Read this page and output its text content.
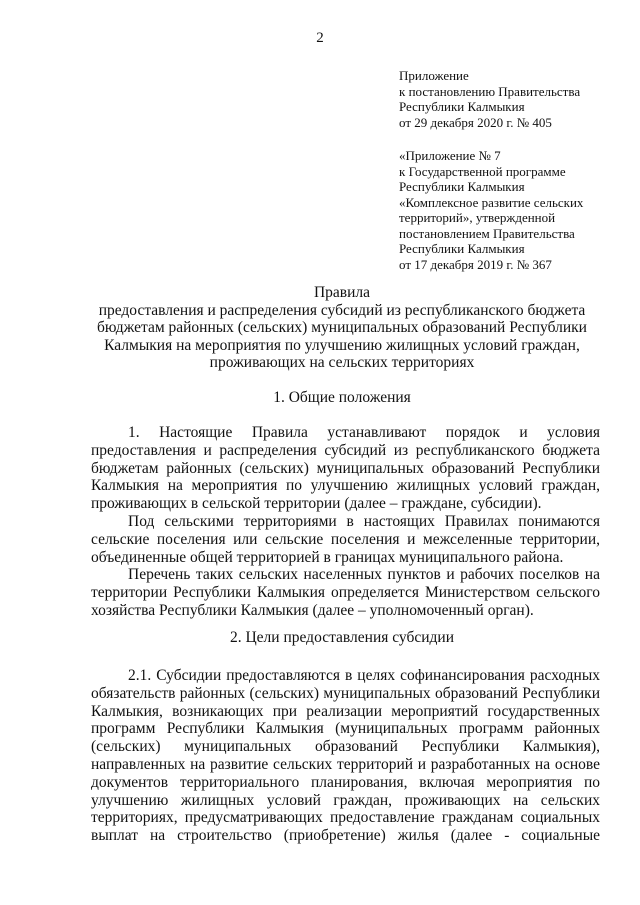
2
Приложение
к постановлению Правительства
Республики Калмыкия
от 29 декабря 2020 г. № 405
«Приложение № 7
к Государственной программе
Республики Калмыкия
«Комплексное развитие сельских
территорий», утвержденной
постановлением Правительства
Республики Калмыкия
от 17 декабря 2019 г. № 367
Правила
предоставления и распределения субсидий из республиканского бюджета
бюджетам районных (сельских) муниципальных образований Республики
Калмыкия на мероприятия по улучшению жилищных условий граждан,
проживающих на сельских территориях
1. Общие положения
1. Настоящие Правила устанавливают порядок и условия
предоставления и распределения субсидий из республиканского бюджета
бюджетам районных (сельских) муниципальных образований Республики
Калмыкия на мероприятия по улучшению жилищных условий граждан,
проживающих в сельской территории (далее – граждане, субсидии).
Под сельскими территориями в настоящих Правилах понимаются
сельские поселения или сельские поселения и межселенные территории,
объединенные общей территорией в границах муниципального района.
Перечень таких сельских населенных пунктов и рабочих поселков на
территории Республики Калмыкия определяется Министерством сельского
хозяйства Республики Калмыкия (далее – уполномоченный орган).
2. Цели предоставления субсидии
2.1. Субсидии предоставляются в целях софинансирования расходных
обязательств районных (сельских) муниципальных образований Республики
Калмыкия, возникающих при реализации мероприятий государственных
программ Республики Калмыкия (муниципальных программ районных
(сельских) муниципальных образований Республики Калмыкия),
направленных на развитие сельских территорий и разработанных на основе
документов территориального планирования, включая мероприятия по
улучшению жилищных условий граждан, проживающих на сельских
территориях, предусматривающих предоставление гражданам социальных
выплат на строительство (приобретение) жилья (далее - социальные
